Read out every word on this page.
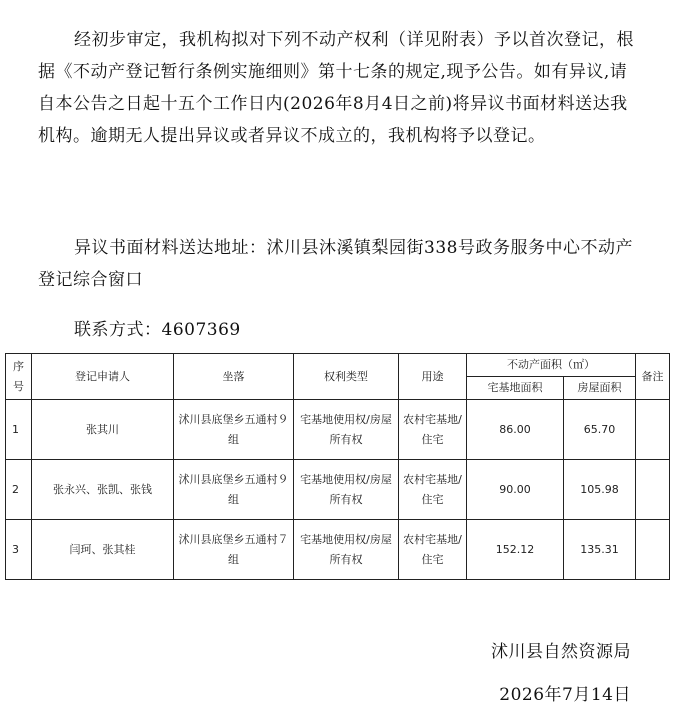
经初步审定，我机构拟对下列不动产权利（详见附表）予以首次登记，根据《不动产登记暂行条例实施细则》第十七条的规定,现予公告。如有异议,请自本公告之日起十五个工作日内(2026年8月4日之前)将异议书面材料送达我机构。逾期无人提出异议或者异议不成立的，我机构将予以登记。

异议书面材料送达地址：沭川县沐溪镇梨园街338号政务服务中心不动产登记综合窗口

联系方式：4607369

序号	登记申请人	坐落	权利类型	用途	不动产面积（㎡）		备注
					宅基地面积	房屋面积	
1	张其川	沭川县底堡乡五通村９组	宅基地使用权/房屋所有权	农村宅基地/住宅	86.00	65.70	
2	张永兴、张凯、张钱	沭川县底堡乡五通村９组	宅基地使用权/房屋所有权	农村宅基地/住宅	90.00	105.98	
3	闫珂、张其桂	沭川县底堡乡五通村７组	宅基地使用权/房屋所有权	农村宅基地/住宅	152.12	135.31	
沭川县自然资源局
2026年7月14日
